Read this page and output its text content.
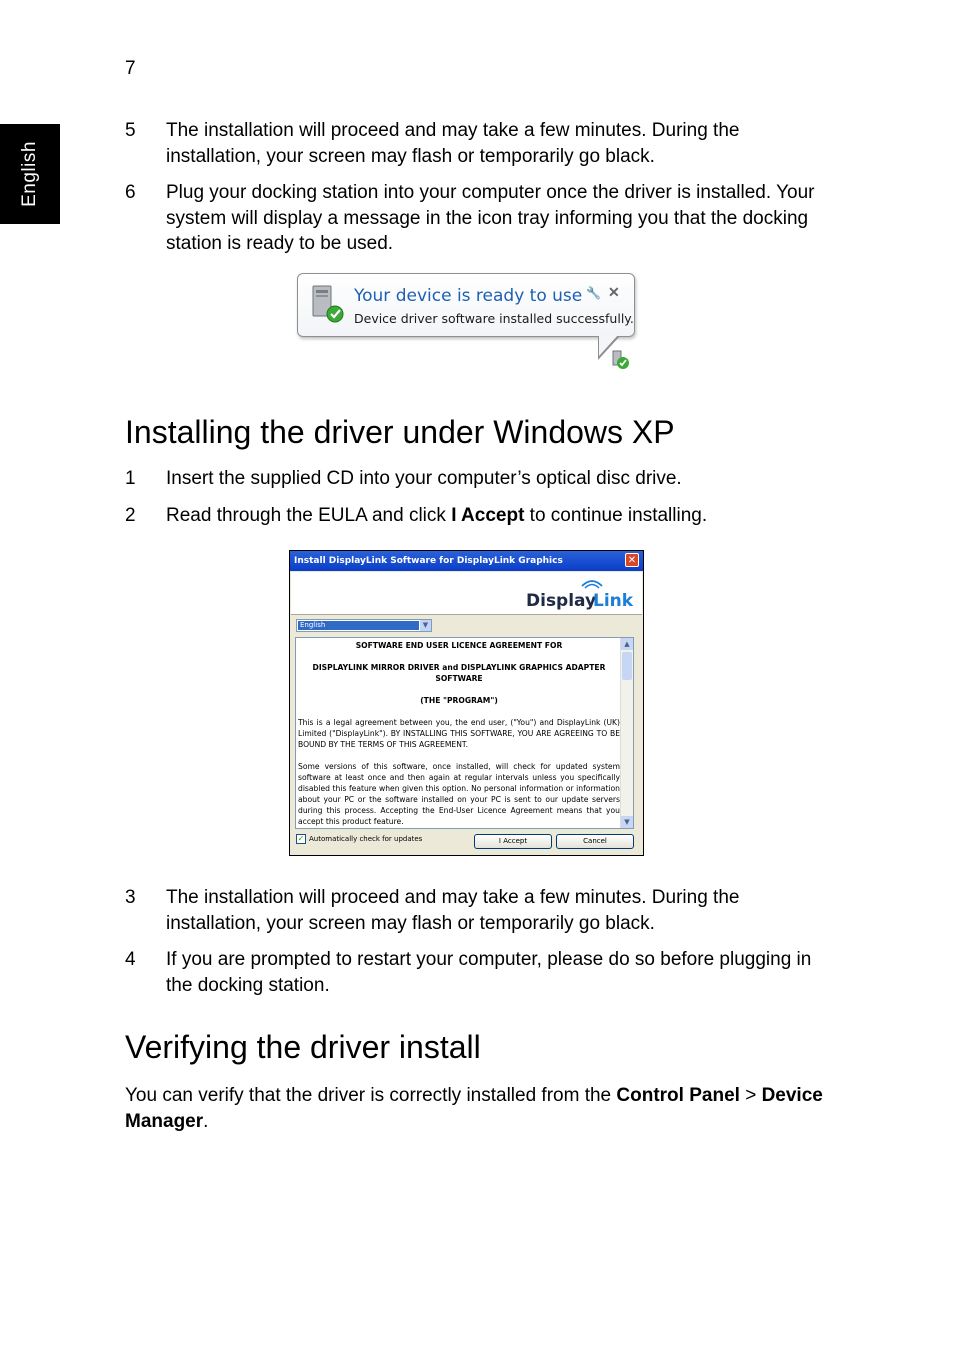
7
English
5 The installation will proceed and may take a few minutes. During the installation, your screen may flash or temporarily go black.
6 Plug your docking station into your computer once the driver is installed. Your system will display a message in the icon tray informing you that the docking station is ready to be used.
Your device is ready to use
Device driver software installed successfully.
🔧 ✕
Installing the driver under Windows XP
1 Insert the supplied CD into your computer’s optical disc drive.
2 Read through the EULA and click I Accept to continue installing.
Install DisplayLink Software for DisplayLink Graphics	✕
Display
Link
English	▼
SOFTWARE END USER LICENCE AGREEMENT FOR
DISPLAYLINK MIRROR DRIVER and DISPLAYLINK GRAPHICS ADAPTER SOFTWARE
(THE "PROGRAM")

This is a legal agreement between you, the end user, ("You") and DisplayLink (UK) Limited ("DisplayLink"). BY INSTALLING THIS SOFTWARE, YOU ARE AGREEING TO BE BOUND BY THE TERMS OF THIS AGREEMENT.

Some versions of this software, once installed, will check for updated system software at least once and then again at regular intervals unless you specifically disabled this feature when given this option. No personal information or information about your PC or the software installed on your PC is sent to our update servers during this process. Accepting the End-User Licence Agreement means that you accept this product feature.

▲
▼
✓ Automatically check for updates	I Accept	Cancel
3 The installation will proceed and may take a few minutes. During the installation, your screen may flash or temporarily go black.
4 If you are prompted to restart your computer, please do so before plugging in the docking station.
Verifying the driver install
You can verify that the driver is correctly installed from the Control Panel > Device Manager.
